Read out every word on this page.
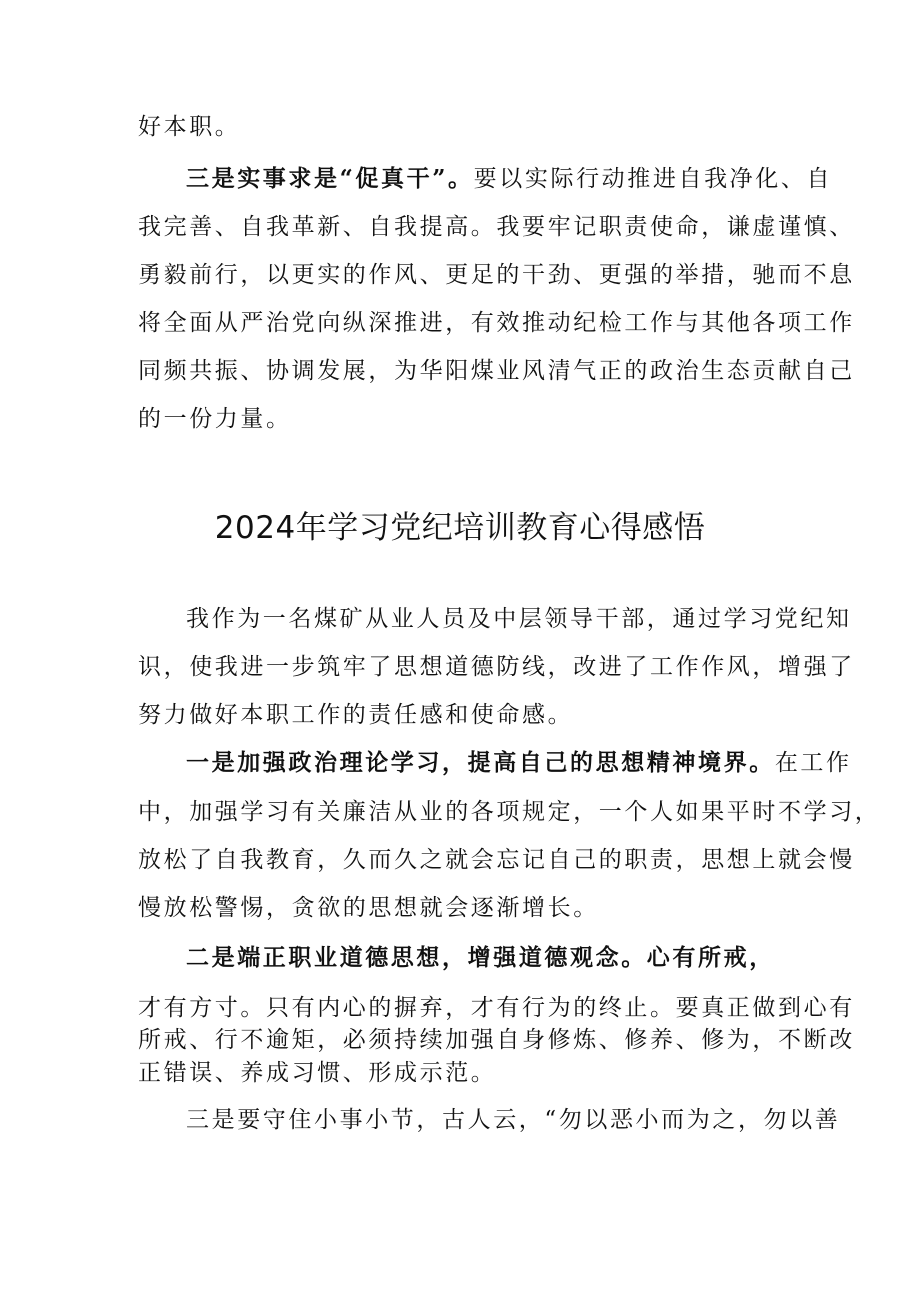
好本职。
三是实事求是“促真干”。要以实际行动推进自我净化、自
我完善、自我革新、自我提高。我要牢记职责使命，谦虚谨慎、
勇毅前行，以更实的作风、更足的干劲、更强的举措，驰而不息
将全面从严治党向纵深推进，有效推动纪检工作与其他各项工作
同频共振、协调发展，为华阳煤业风清气正的政治生态贡献自己
的一份力量。
2024年学习党纪培训教育心得感悟
我作为一名煤矿从业人员及中层领导干部，通过学习党纪知
识，使我进一步筑牢了思想道德防线，改进了工作作风，增强了
努力做好本职工作的责任感和使命感。
一是加强政治理论学习，提高自己的思想精神境界。在工作
中，加强学习有关廉洁从业的各项规定，一个人如果平时不学习，
放松了自我教育，久而久之就会忘记自己的职责，思想上就会慢
慢放松警惕，贪欲的思想就会逐渐增长。
二是端正职业道德思想，增强道德观念。心有所戒，
才有方寸。只有内心的摒弃，才有行为的终止。要真正做到心有
所戒、行不逾矩，必须持续加强自身修炼、修养、修为，不断改
正错误、养成习惯、形成示范。
三是要守住小事小节，古人云，“勿以恶小而为之，勿以善
